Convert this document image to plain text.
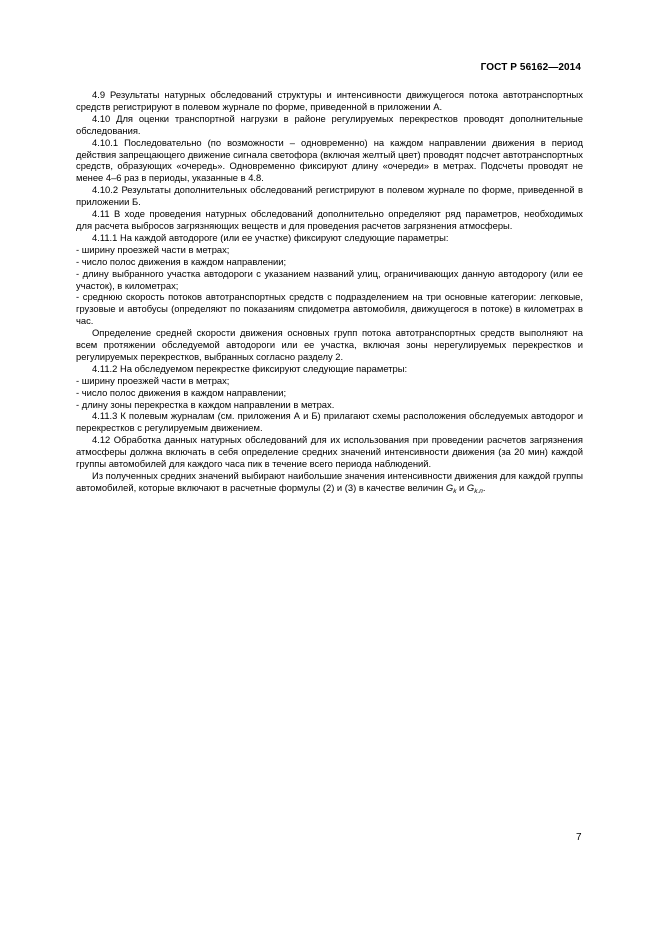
ГОСТ Р 56162—2014

4.9 Результаты натурных обследований структуры и интенсивности движущегося потока автотранспортных средств регистрируют в полевом журнале по форме, приведенной в приложении А.

4.10 Для оценки транспортной нагрузки в районе регулируемых перекрестков проводят дополнительные обследования.

4.10.1 Последовательно (по возможности – одновременно) на каждом направлении движения в период действия запрещающего движение сигнала светофора (включая желтый цвет) проводят подсчет автотранспортных средств, образующих «очередь». Одновременно фиксируют длину «очереди» в метрах. Подсчеты проводят не менее 4–6 раз в периоды, указанные в 4.8.

4.10.2 Результаты дополнительных обследований регистрируют в полевом журнале по форме, приведенной в приложении Б.

4.11 В ходе проведения натурных обследований дополнительно определяют ряд параметров, необходимых для расчета выбросов загрязняющих веществ и для проведения расчетов загрязнения атмосферы.

4.11.1 На каждой автодороге (или ее участке) фиксируют следующие параметры:

- ширину проезжей части в метрах;

- число полос движения в каждом направлении;

- длину выбранного участка автодороги с указанием названий улиц, ограничивающих данную автодорогу (или ее участок), в километрах;

- среднюю скорость потоков автотранспортных средств с подразделением на три основные категории: легковые, грузовые и автобусы (определяют по показаниям спидометра автомобиля, движущегося в потоке) в километрах в час.

Определение средней скорости движения основных групп потока автотранспортных средств выполняют на всем протяжении обследуемой автодороги или ее участка, включая зоны нерегулируемых перекрестков и регулируемых перекрестков, выбранных согласно разделу 2.

4.11.2 На обследуемом перекрестке фиксируют следующие параметры:

- ширину проезжей части в метрах;

- число полос движения в каждом направлении;

- длину зоны перекрестка в каждом направлении в метрах.

4.11.3 К полевым журналам (см. приложения А и Б) прилагают схемы расположения обследуемых автодорог и перекрестков с регулируемым движением.

4.12 Обработка данных натурных обследований для их использования при проведении расчетов загрязнения атмосферы должна включать в себя определение средних значений интенсивности движения (за 20 мин) каждой группы автомобилей для каждого часа пик в течение всего периода наблюдений.

Из полученных средних значений выбирают наибольшие значения интенсивности движения для каждой группы автомобилей, которые включают в расчетные формулы (2) и (3) в качестве величин $G_k$ и $G_{k.п}$.

7
